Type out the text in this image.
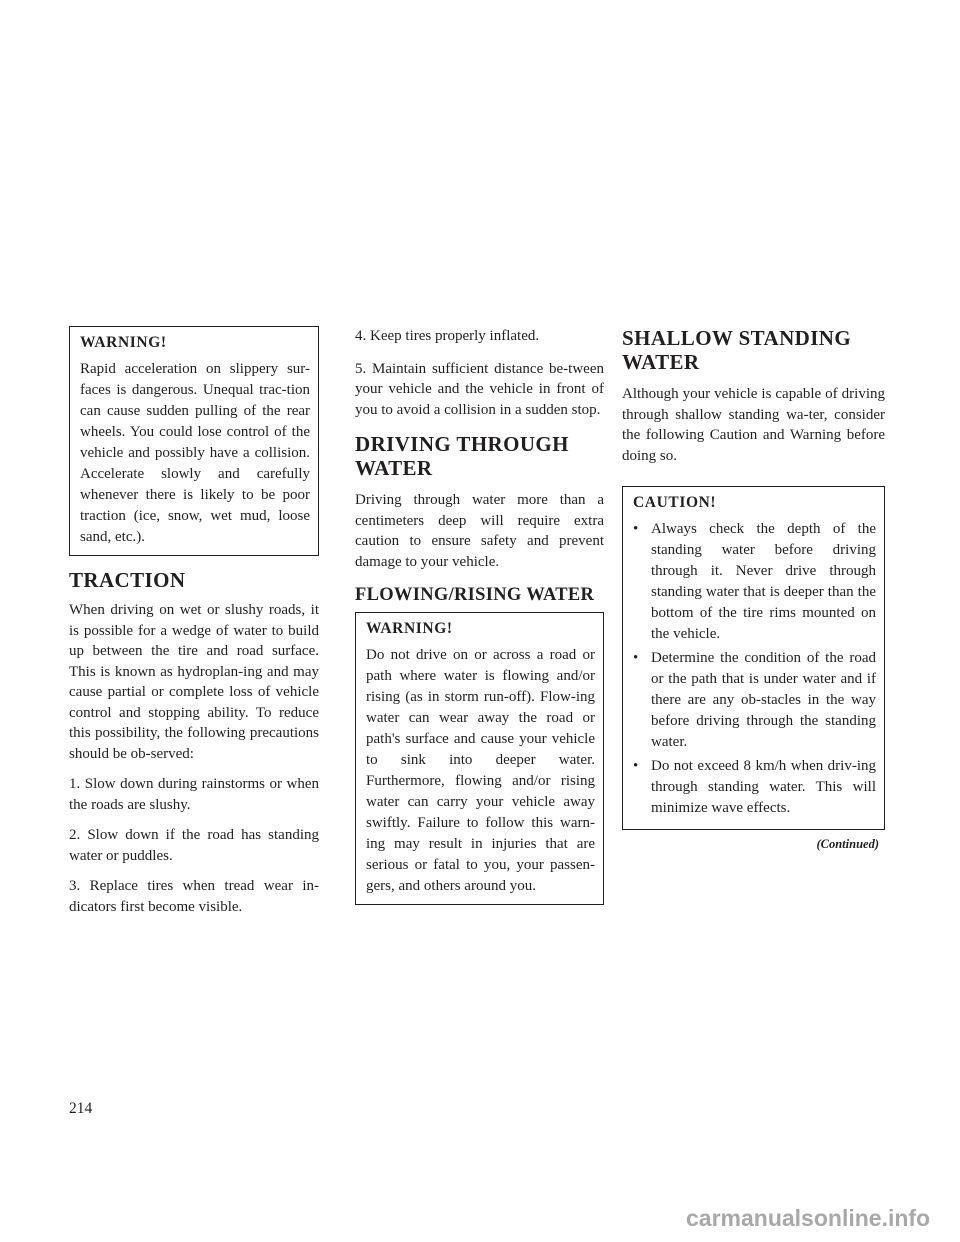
WARNING!

Rapid acceleration on slippery sur-faces is dangerous. Unequal trac-tion can cause sudden pulling of the rear wheels. You could lose control of the vehicle and possibly have a collision. Accelerate slowly and carefully whenever there is likely to be poor traction (ice, snow, wet mud, loose sand, etc.).

TRACTION

When driving on wet or slushy roads, it is possible for a wedge of water to build up between the tire and road surface. This is known as hydroplan-ing and may cause partial or complete loss of vehicle control and stopping ability. To reduce this possibility, the following precautions should be ob-served:

1. Slow down during rainstorms or when the roads are slushy.

2. Slow down if the road has standing water or puddles.

3. Replace tires when tread wear in-dicators first become visible.

4. Keep tires properly inflated.

5. Maintain sufficient distance be-tween your vehicle and the vehicle in front of you to avoid a collision in a sudden stop.

DRIVING THROUGH
WATER

Driving through water more than a centimeters deep will require extra caution to ensure safety and prevent damage to your vehicle.

FLOWING/RISING WATER
WARNING!

Do not drive on or across a road or path where water is flowing and/or rising (as in storm run-off). Flow-ing water can wear away the road or path's surface and cause your vehicle to sink into deeper water. Furthermore, flowing and/or rising water can carry your vehicle away swiftly. Failure to follow this warn-ing may result in injuries that are serious or fatal to you, your passen-gers, and others around you.

SHALLOW STANDING
WATER

Although your vehicle is capable of driving through shallow standing wa-ter, consider the following Caution and Warning before doing so.

CAUTION!
• Always check the depth of the standing water before driving through it. Never drive through standing water that is deeper than the bottom of the tire rims mounted on the vehicle.
• Determine the condition of the road or the path that is under water and if there are any ob-stacles in the way before driving through the standing water.
• Do not exceed 8 km/h when driv-ing through standing water. This will minimize wave effects.
(Continued)
214
carmanualsonline.info
